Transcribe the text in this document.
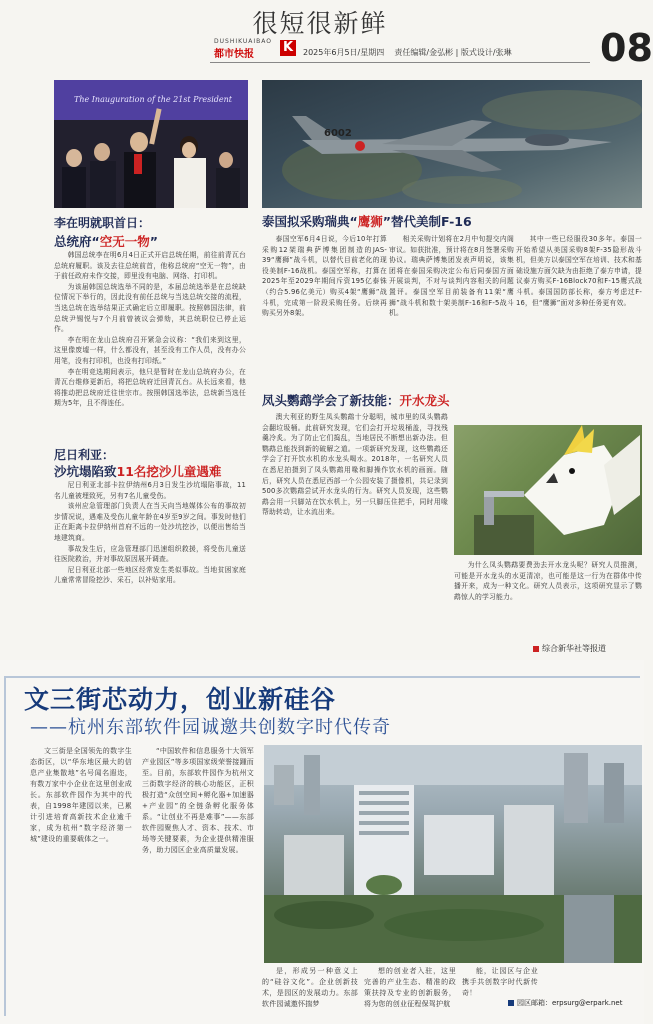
很短很新鲜
DUSHIKUAIBAO
都市快报 K	2025年6月5日/星期四 责任编辑/金弘彬 | 版式设计/张琳 08
The Inauguration of the 21st President
6002
李在明就职首日：
总统府“空无一物”

韩国总统李在明6月4日正式开启总统任期，前往前青瓦台总统府履职。该及去往总统前首，他称总统府“空无一物”，由于前任政府未作交接，即里没有电脑、网络、打印机。

为该届韩国总统选举不同的是，本届总统选举是在总统缺位情况下举行的，因此没有前任总统与当选总统交接的流程，当选总统在选举结果正式确定后立即履职。按照韩国法律，前总统尹锡悦与7个月前曾被议会弹劾，其总统职位已停止运作。

李在明在龙山总统府召开紧急会议称：“我们来到这里，这里像废墟一样，什么都没有，甚至没有工作人员，没有办公用笔，没有打印机，也没有打印纸。”

李在明竞选期间表示，他只是暂时在龙山总统府办公，在青瓦台维修更新后，将把总统府迁回青瓦台。从长远来看，他将推动把总统府迁往世宗市。按照韩国选举法，总统新当选任期为5年，且不得连任。

泰国拟采购瑞典“鹰狮”替代美制F-16

泰国空军6月4日说，今后10年打算采购12架瑞典萨博集团制造的JAS-39“鹰狮”战斗机，以替代目前老化的现役美制F-16战机。泰国空军称，打算在2025年至2029年期间斥资195亿泰铢（约合5.96亿美元）购买4架“鹰狮”战斗机，完成第一阶段采购任务。后续再购买另外8架。

相关采购计划将在2月中旬提交内阁审议。如获批准，预计将在8月签署采购协议。瑞典萨博集团发表声明说，该集团将在泰国采购决定公布后同泰国方面开展谈判，不对与谈判内容相关的问题置评。泰国空军目前装备有11架“鹰狮”战斗机和数十架美制F-16和F-5战斗机。

其中一些已经服役30多年。泰国一开始希望从美国采购8架F-35隐形战斗机，但美方以泰国空军在培训、技术和基础设施方面欠缺为由拒绝了泰方申请，提议泰方购买F-16Block70和F-15鹰式战斗机。泰国国防部长称，泰方考虑过F-16，但“鹰狮”面对多种任务更有效。

尼日利亚：
沙坑塌陷致11名挖沙儿童遇难

尼日利亚北部卡拉伊纳州6月3日发生沙坑塌陷事故，11名儿童被埋致死，另有7名儿童受伤。

该州应急管理部门负责人在当天向当地媒体公布的事故初步情况说，遇难及受伤儿童年龄在4岁至9岁之间。事发时他们正在距离卡拉伊纳州首府不远的一处沙坑挖沙，以便出售给当地建筑商。

事故发生后，应急管理部门迅速组织救援，将受伤儿童送往医院救治，并对事故原因展开调查。

尼日利亚北部一些地区经常发生类似事故。当地贫困家庭儿童常常冒险挖沙、采石，以补贴家用。

凤头鹦鹉学会了新技能：开水龙头

澳大利亚的野生凤头鹦鹉十分聪明，城市里的凤头鹦鹉会翻垃圾桶。此前研究发现，它们会打开垃圾桶盖，寻找残羹冷炙。为了防止它们捣乱，当地居民不断想出新办法。但鹦鹉总能找到新的破解之道。一项新研究发现，这些鹦鹉还学会了打开饮水机的水龙头喝水。2018年，一名研究人员在悉尼拍摄到了凤头鹦鹉用喙和脚操作饮水机的画面。随后，研究人员在悉尼西部一个公园安装了摄像机，共记录到500多次鹦鹉尝试开水龙头的行为。研究人员发现，这些鹦鹉会用一只脚站在饮水机上，另一只脚压住把手，同时用喙帮助转动，让水流出来。

为什么凤头鹦鹉要费劲去开水龙头呢？研究人员推测，可能是开水龙头的水更清凉，也可能是这一行为在群体中传播开来，成为一种文化。研究人员表示，这项研究显示了鹦鹉惊人的学习能力。

综合新华社等报道
文三街芯动力，创业新硅谷
——杭州东部软件园诚邀共创数字时代传奇

文三街是全国领先的数字生态街区，以“华东地区最大的信息产业集散地”名号闻名遐迩，有数万家中小企业在这里创业成长。东部软件园作为其中的代表，自1998年建园以来，已累计引进培育高新技术企业逾千家，成为杭州“数字经济第一城”建设的重要载体之一。

“中国软件和信息服务十大领军产业园区”等多项国家级荣誉接踵而至。目前，东部软件园作为杭州文三街数字经济的核心功能区，正积极打造“众创空间+孵化器+加速器+产业园”的全链条孵化服务体系。“让创业不再是难事”——东部软件园聚焦人才、资本、技术、市场等关键要素，为企业提供精准服务，助力园区企业高质量发展。

是，形成另一种意义上的“硅谷文化”。企业创新技术，是园区的发展动力。东部软件园诚邀怀揣梦

想的创业者入驻，这里完善的产业生态、精准的政策扶持及专业的创新服务，将为您的创业征程保驾护航

能，让园区与企业携手共创数字时代新传奇！

园区邮箱：erpsurg@erpark.net
